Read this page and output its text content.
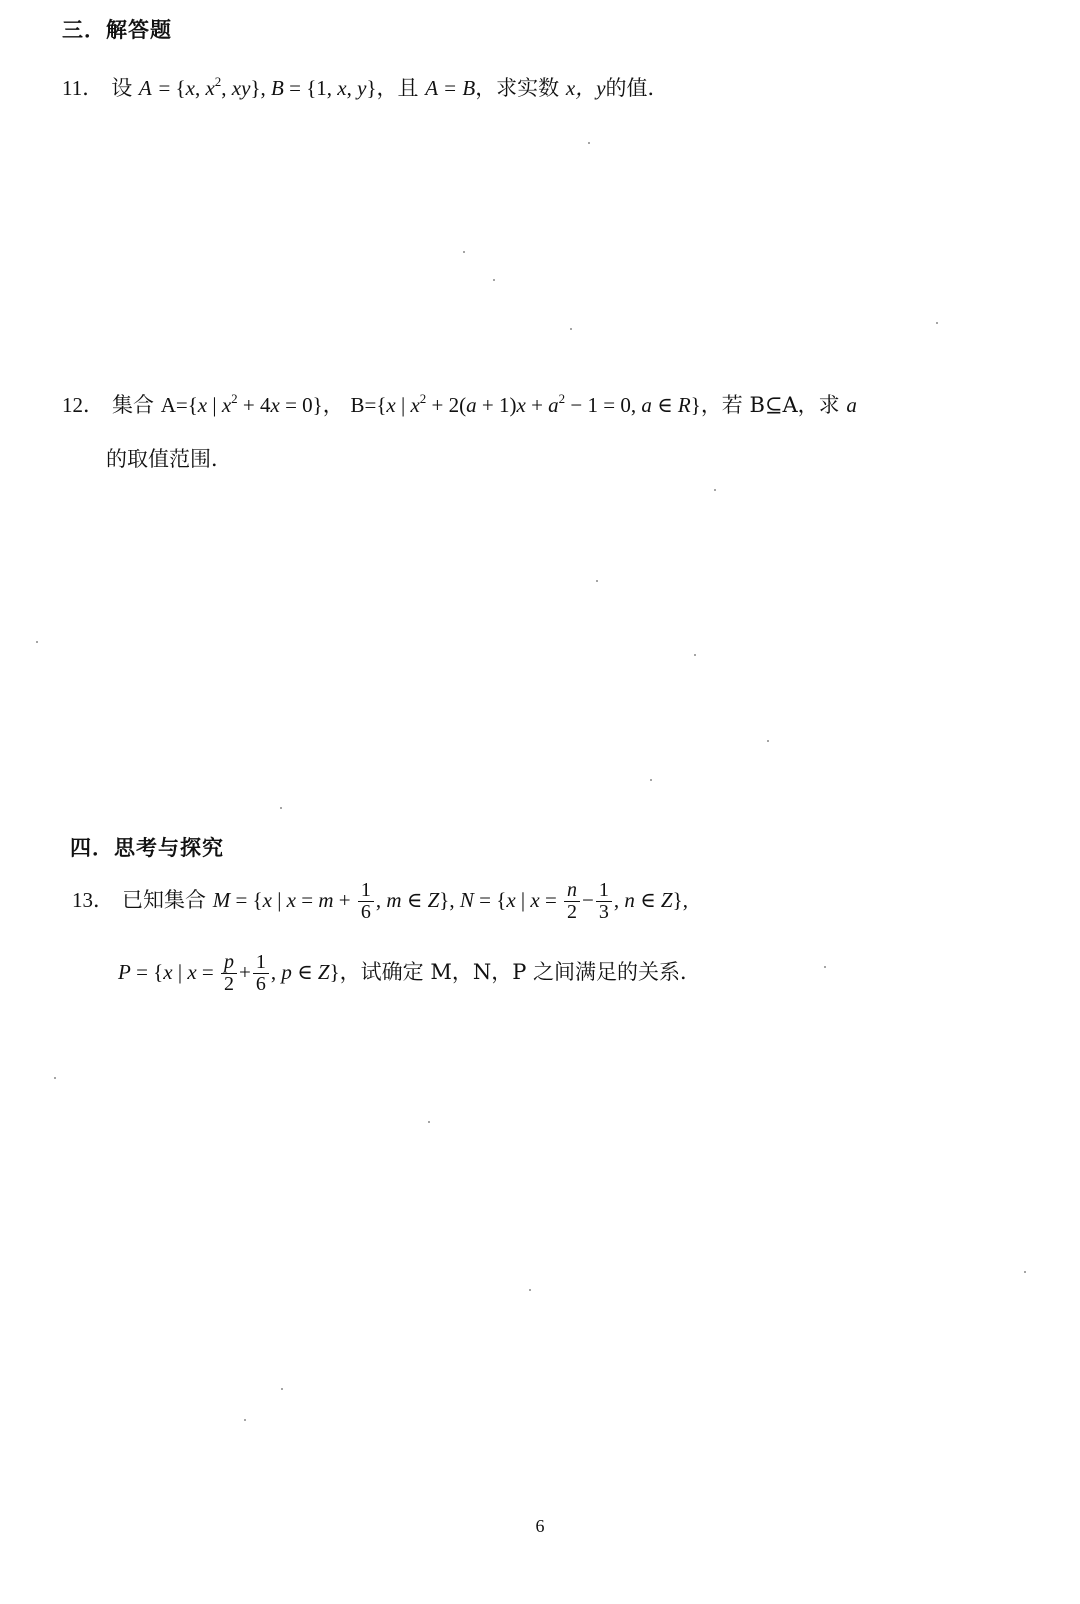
三．解答题
11． 设 A = {x, $x^2$, xy}, B = {1, x, y}，且 A = B，求实数 x，y的值．
12． 集合 A={x | $x^2 + 4x = 0$}， B={x | $x^2 + 2(a + 1)x + a^2 - 1 = 0$, a ∈ R}，若 B⊆A，求 a
的取值范围．
四．思考与探究
13． 已知集合 M = {x | $x = m + \frac{1}{6}$ , m ∈ Z}, N = {x | $x = \frac{n}{2} - \frac{1}{3}$ , n ∈ Z},
P = {x | $x = \frac{p}{2} + \frac{1}{6}$ , p ∈ Z}，试确定 M，N，P 之间满足的关系．
6
